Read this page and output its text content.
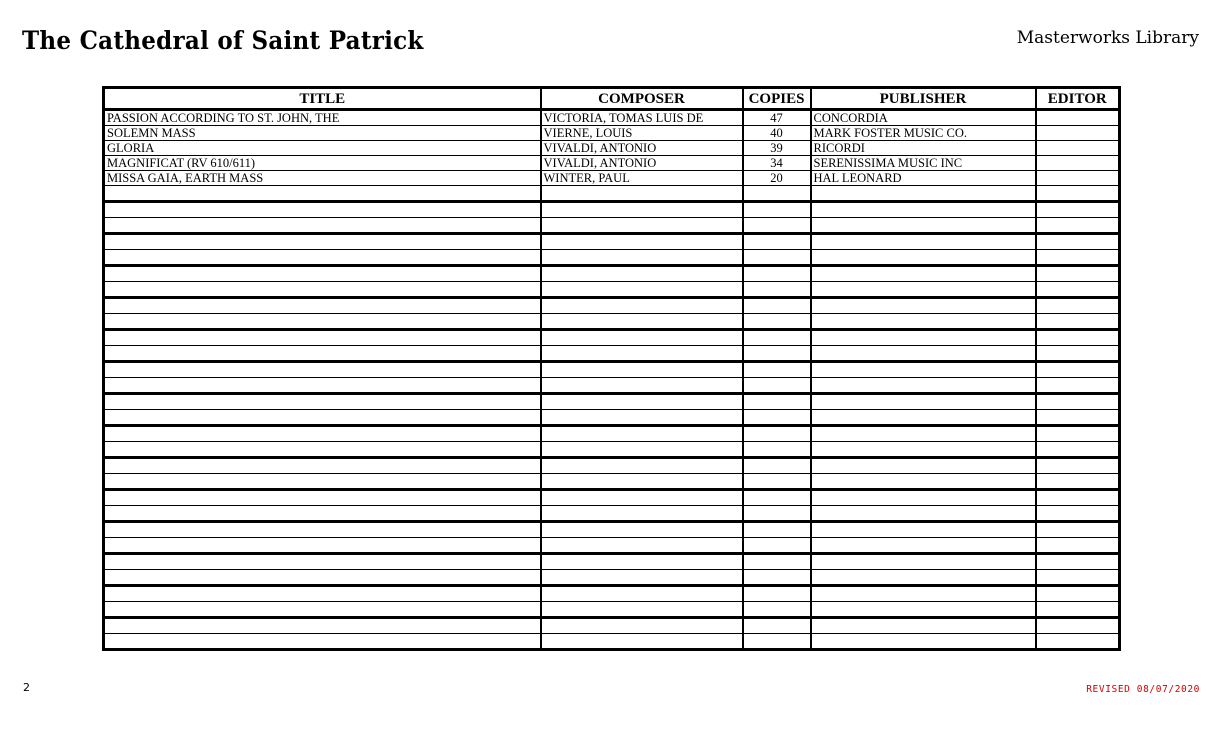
The Cathedral of Saint Patrick	Masterworks Library
TITLE	COMPOSER	COPIES	PUBLISHER	EDITOR
PASSION ACCORDING TO ST. JOHN, THE	VICTORIA, TOMAS LUIS DE	47	CONCORDIA	
SOLEMN MASS	VIERNE, LOUIS	40	MARK FOSTER MUSIC CO.	
GLORIA	VIVALDI, ANTONIO	39	RICORDI	
MAGNIFICAT (RV 610/611)	VIVALDI, ANTONIO	34	SERENISSIMA MUSIC INC	
MISSA GAIA, EARTH MASS	WINTER, PAUL	20	HAL LEONARD	

2	REVISED 08/07/2020
